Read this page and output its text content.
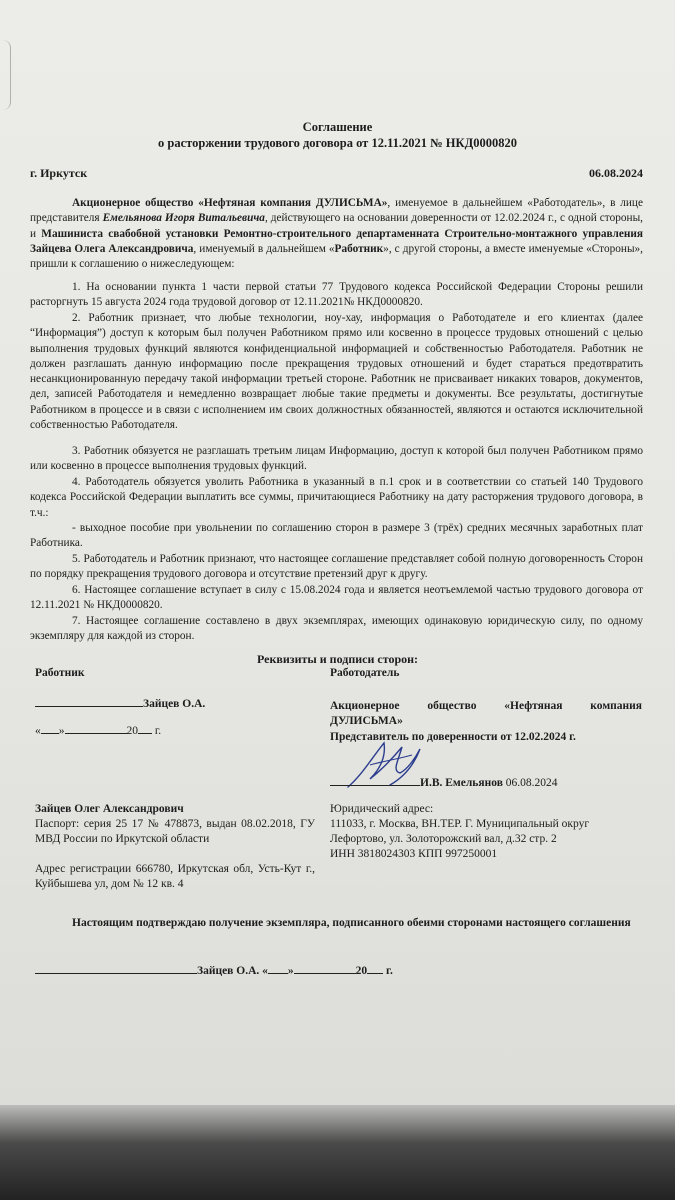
Соглашение

о расторжении трудового договора от 12.11.2021 № НКД0000820

г. Иркутск	06.08.2024

Акционерное общество «Нефтяная компания ДУЛИСЬМА», именуемое в дальнейшем «Работодатель», в лице представителя Емельянова Игоря Витальевича, действующего на основании доверенности от 12.02.2024 г., с одной стороны, и Машиниста свабобной установки Ремонтно-строительного департаменната Строительно-монтажного управления Зайцева Олега Александровича, именуемый в дальнейшем «Работник», с другой стороны, а вместе именуемые «Стороны», пришли к соглашению о нижеследующем:

1. На основании пункта 1 части первой статьи 77 Трудового кодекса Российской Федерации Стороны решили расторгнуть 15 августа 2024 года трудовой договор от 12.11.2021№ НКД0000820.

2. Работник признает, что любые технологии, ноу-хау, информация о Работодателе и его клиентах (далее “Информация”) доступ к которым был получен Работником прямо или косвенно в процессе трудовых отношений с целью выполнения трудовых функций являются конфиденциальной информацией и собственностью Работодателя. Работник не должен разглашать данную информацию после прекращения трудовых отношений и будет стараться предотвратить несанкционированную передачу такой информации третьей стороне. Работник не присваивает никаких товаров, документов, дел, записей Работодателя и немедленно возвращает любые такие предметы и документы. Все результаты, достигнутые Работником в процессе и в связи с исполнением им своих должностных обязанностей, являются и остаются исключительной собственностью Работодателя.

3. Работник обязуется не разглашать третьим лицам Информацию, доступ к которой был получен Работником прямо или косвенно в процессе выполнения трудовых функций.

4. Работодатель обязуется уволить Работника в указанный в п.1 срок и в соответствии со статьей 140 Трудового кодекса Российской Федерации выплатить все суммы, причитающиеся Работнику на дату расторжения трудового договора, в т.ч.:

- выходное пособие при увольнении по соглашению сторон в размере 3 (трёх) средних месячных заработных плат Работника.

5. Работодатель и Работник признают, что настоящее соглашение представляет собой полную договоренность Сторон по порядку прекращения трудового договора и отсутствие претензий друг к другу.

6. Настоящее соглашение вступает в силу с 15.08.2024 года и является неотъемлемой частью трудового договора от 12.11.2021 № НКД0000820.

7. Настоящее соглашение составлено в двух экземплярах, имеющих одинаковую юридическую силу, по одному экземпляру для каждой из сторон.

Реквизиты и подписи сторон:

Работник	Работодатель

Зайцев О.А.
« »	20 г.

Акционерное общество «Нефтяная компания ДУЛИСЬМА»

Представитель по доверенности от 12.02.2024 г.

И.В. Емельянов 06.08.2024

Зайцев Олег Александрович

Паспорт: серия 25 17 № 478873, выдан 08.02.2018, ГУ МВД России по Иркутской области

Адрес регистрации 666780, Иркутская обл, Усть-Кут г., Куйбышева ул, дом № 12 кв. 4

Юридический адрес:

111033, г. Москва, ВН.ТЕР. Г. Муниципальный округ Лефортово, ул. Золоторожский вал, д.32 стр. 2

ИНН 3818024303 КПП 997250001

Настоящим подтверждаю получение экземпляра, подписанного обеими сторонами настоящего соглашения

Зайцев О.А. « »	20 г.
